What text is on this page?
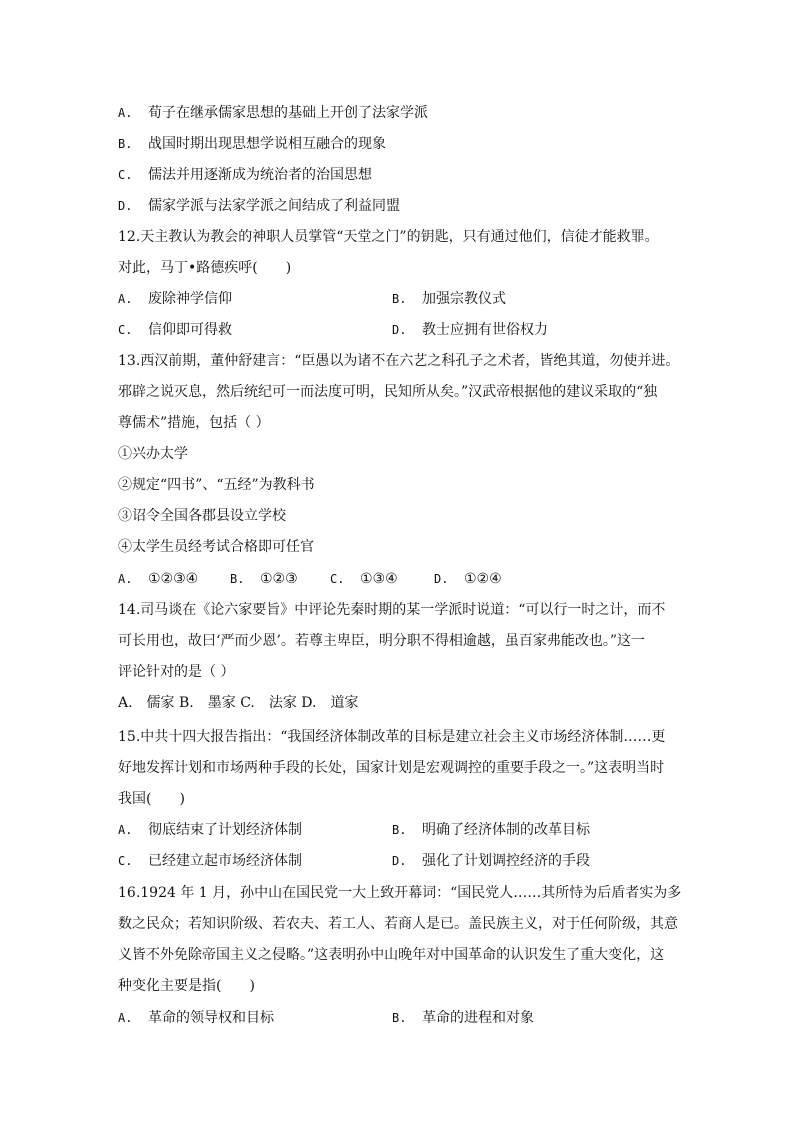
A. 荀子在继承儒家思想的基础上开创了法家学派
B. 战国时期出现思想学说相互融合的现象
C. 儒法并用逐渐成为统治者的治国思想
D. 儒家学派与法家学派之间结成了利益同盟
12.天主教认为教会的神职人员掌管“天堂之门”的钥匙，只有通过他们，信徒才能救罪。
对此，马丁•路德疾呼(　　)
A. 废除神学信仰	B. 加强宗教仪式
C. 信仰即可得救	D. 教士应拥有世俗权力
13.西汉前期，董仲舒建言：“臣愚以为诸不在六艺之科孔子之术者，皆绝其道，勿使并进。
邪辟之说灭息，然后统纪可一而法度可明，民知所从矣。”汉武帝根据他的建议采取的“独
尊儒术”措施，包括（ ）
①兴办太学
②规定“四书”、“五经”为教科书
③诏令全国各郡县设立学校
④太学生员经考试合格即可任官
A. ①②③④	B. ①②③	C. ①③④	D. ①②④
14.司马谈在《论六家要旨》中评论先秦时期的某一学派时说道：“可以行一时之计，而不
可长用也，故曰‘严而少恩’。若尊主卑臣，明分职不得相逾越，虽百家弗能改也。”这一
评论针对的是（ ）
A.　儒家 B.　墨家 C.　法家 D.　道家
15.中共十四大报告指出：“我国经济体制改革的目标是建立社会主义市场经济体制……更
好地发挥计划和市场两种手段的长处，国家计划是宏观调控的重要手段之一。”这表明当时
我国(　　)
A. 彻底结束了计划经济体制	B. 明确了经济体制的改革目标
C. 已经建立起市场经济体制	D. 强化了计划调控经济的手段
16.1924 年 1 月，孙中山在国民党一大上致开幕词：“国民党人……其所恃为后盾者实为多
数之民众；若知识阶级、若农夫、若工人、若商人是已。盖民族主义，对于任何阶级，其意
义皆不外免除帝国主义之侵略。”这表明孙中山晚年对中国革命的认识发生了重大变化，这
种变化主要是指(　　)
A. 革命的领导权和目标	B. 革命的进程和对象
